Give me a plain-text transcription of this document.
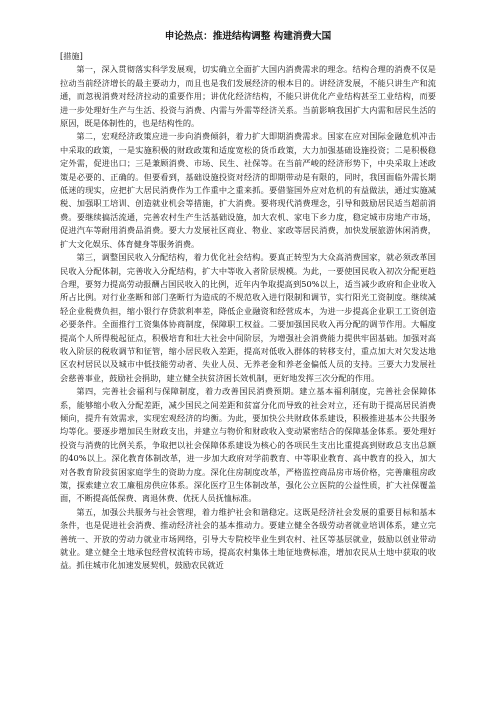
申论热点：推进结构调整 构建消费大国
[措施]

第一，深入贯彻落实科学发展观，切实确立全面扩大国内消费需求的理念。结构合理的消费不仅是拉动当前经济增长的最主要动力，而且也是我们发展经济的根本目的。讲经济发展，不能只讲生产和流通，而忽视消费对经济拉动的重要作用；讲优化经济结构，不能只讲优化产业结构甚至工业结构，而要进一步处理好生产与生活、投资与消费、内需与外需等经济关系。当前影响我国扩大内需和居民生活的原因，既是体制性的，也是结构性的。

第二，宏观经济政策应进一步向消费倾斜，着力扩大即期消费需求。国家在应对国际金融危机冲击中采取的政策，一是实施积极的财政政策和适度宽松的货币政策，大力加强基础设施投资；二是积极稳定外需，促进出口；三是兼顾消费、市场、民生、社保等。在当前严峻的经济形势下，中央采取上述政策是必要的、正确的。但要看到，基础设施投资对经济的即期带动是有限的，同时，我国面临外需长期低迷的现实，应把扩大居民消费作为工作重中之重来抓。要借鉴国外应对危机的有益做法，通过实施减税、加强职工培训、创造就业机会等措施，扩大消费。要将现代消费理念，引导和鼓励居民适当超前消费。要继续搞活流通，完善农村生产生活基础设施，加大农机、家电下乡力度，稳定城市房地产市场，促进汽车等耐用消费品消费。要大力发展社区商业、物业、家政等居民消费，加快发展旅游休闲消费，扩大文化娱乐、体育健身等服务消费。

第三，调整国民收入分配结构，着力优化社会结构。要真正转型为大众高消费国家，就必须改革国民收入分配体制，完善收入分配结构，扩大中等收入者阶层规模。为此，一要使国民收入初次分配更趋合理，要努力提高劳动报酬占国民收入的比例，近年内争取提高到50%以上，适当减少政府和企业收入所占比例。对行业垄断和部门垄断行为造成的不规范收入进行限制和调节，实行阳光工资制度。继续减轻企业税费负担，缩小银行存贷款利率差，降低企业融资和经营成本，为进一步提高企业职工工资创造必要条件。全面推行工资集体协商制度，保障职工权益。二要加强国民收入再分配的调节作用。大幅度提高个人所得税起征点，积极培育和壮大社会中间阶层，为增强社会消费能力提供牢固基础。加强对高收入阶层的税收调节和征管，缩小居民收入差距，提高对低收入群体的转移支付，重点加大对欠发达地区农村居民以及城市中低技能劳动者、失业人员、无养老金和养老金偏低人员的支持。三要大力发展社会慈善事业，鼓励社会捐助，建立健全扶贫济困长效机制，更好地发挥三次分配的作用。

第四，完善社会福利与保障制度，着力改善国民消费预期。建立基本福利制度，完善社会保障体系，能够缩小收入分配差距，减少国民之间差距和贫富分化而导致的社会对立，还有助于提高居民消费倾向，提升有效需求，实现宏观经济的均衡。为此，要加快公共财政体系建设，积极推进基本公共服务均等化。要逐步增加民生财政支出，并建立与物价和财政收入变动紧密结合的保障基金体系。要处理好投资与消费的比例关系，争取把以社会保障体系建设为核心的各项民生支出比重提高到财政总支出总额的40%以上。深化教育体制改革，进一步加大政府对学前教育、中等职业教育、高中教育的投入，加大对各教育阶段贫困家庭学生的资助力度。深化住房制度改革，严格监控商品房市场价格，完善廉租房政策，探索建立农工廉租房供应体系。深化医疗卫生体制改革，强化公立医院的公益性质，扩大社保覆盖面，不断提高低保费、离退休费、优抚人员抚恤标准。

第五，加强公共服务与社会管理，着力维护社会和谐稳定。这既是经济社会发展的重要目标和基本条件，也是促进社会消费、推动经济社会的基本推动力。要建立健全各级劳动者就业培训体系，建立完善统一、开放的劳动力就业市场网络，引导大专院校毕业生到农村、社区等基层就业，鼓励以创业带动就业。建立健全土地承包经营权流转市场，提高农村集体土地征地费标准，增加农民从土地中获取的收益。抓住城市化加速发展契机，鼓励农民就近
